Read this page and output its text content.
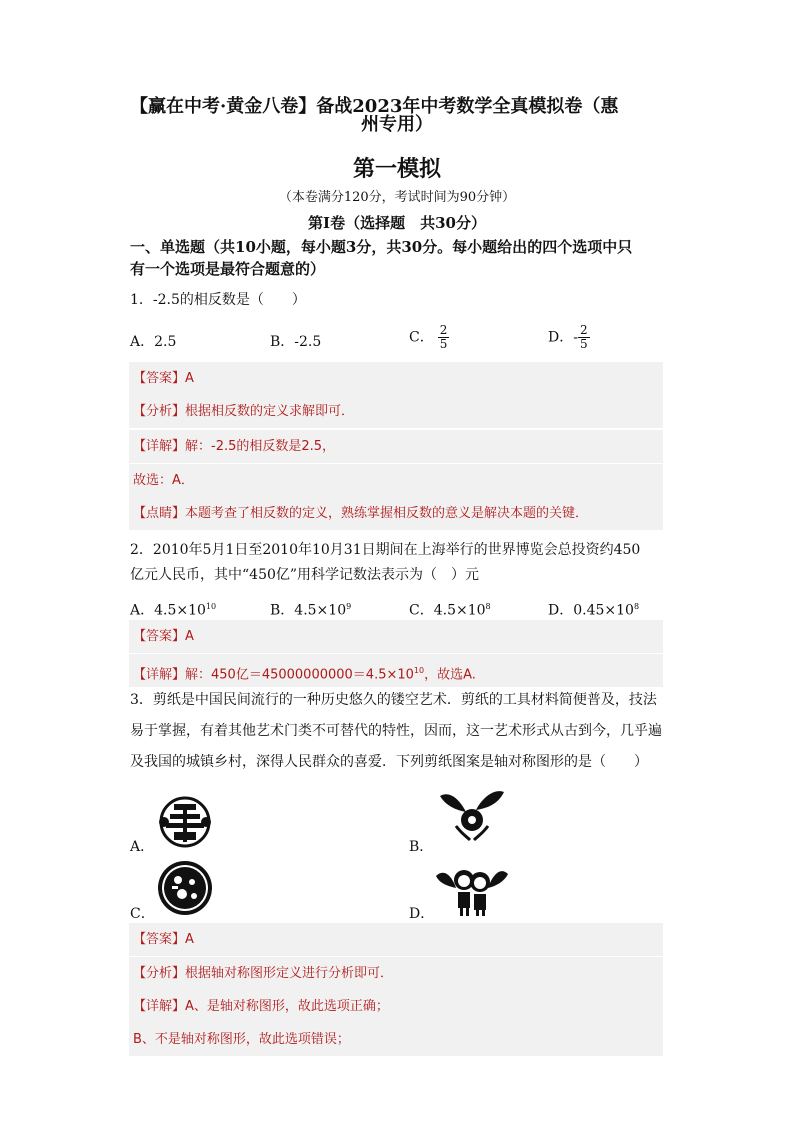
【赢在中考·黄金八卷】备战2023年中考数学全真模拟卷（惠
州专用）
第一模拟
（本卷满分120分，考试时间为90分钟）
第Ⅰ卷（选择题　共30分）
一、单选题（共10小题，每小题3分，共30分。每小题给出的四个选项中只
有一个选项是最符合题意的）
1．-2.5的相反数是（　　）
A．2.5	B．-2.5	C． $\frac{2}{5}$	D．- $\frac{2}{5}$
【答案】A
【分析】根据相反数的定义求解即可．
【详解】解：-2.5的相反数是2.5，
故选：A．
【点睛】本题考查了相反数的定义，熟练掌握相反数的意义是解决本题的关键．
2．2010年5月1日至2010年10月31日期间在上海举行的世界博览会总投资约450
亿元人民币，其中“450亿”用科学记数法表示为（　）元
A．$4.5\times 10^{10}$	B．$4.5\times 10^9$	C．$4.5\times 10^8$	D．$0.45\times 10^8$
【答案】A
【详解】解：450亿$=45000000000=4.5\times 10^{10}$，故选A.
3．剪纸是中国民间流行的一种历史悠久的镂空艺术．剪纸的工具材料简便普及，技法
易于掌握，有着其他艺术门类不可替代的特性，因而，这一艺术形式从古到今，几乎遍
及我国的城镇乡村，深得人民群众的喜爱．下列剪纸图案是轴对称图形的是（　　）
A．	B．
C．	D．
【答案】A
【分析】根据轴对称图形定义进行分析即可．
【详解】A、是轴对称图形，故此选项正确；
B、不是轴对称图形，故此选项错误；
